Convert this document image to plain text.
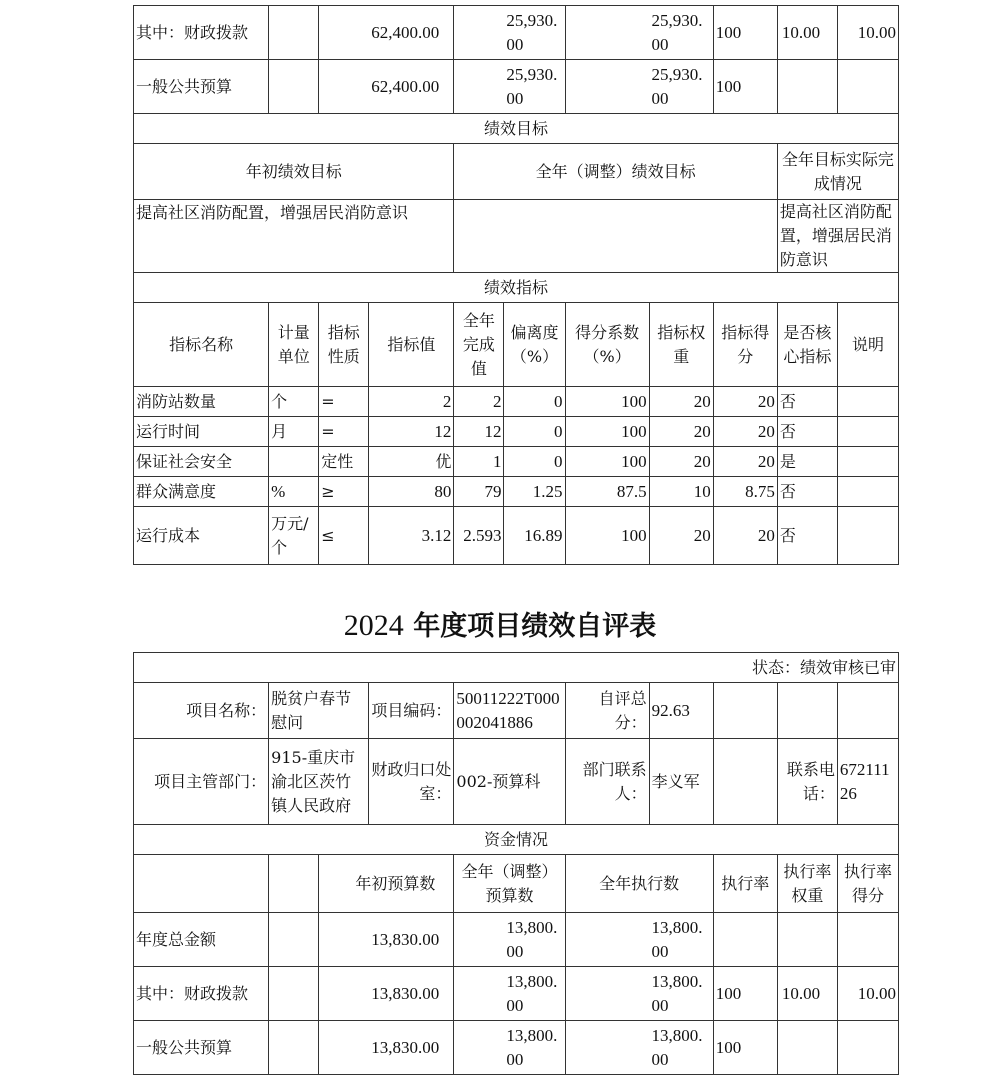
其中：财政拨款		62,400.00		25,930.00		25,930.00		100	10.00	10.00
一般公共预算		62,400.00		25,930.00		25,930.00		100		
绩效目标										
年初绩效目标				全年（调整）绩效目标					全年目标实际完成情况	
提高社区消防配置，增强居民消防意识									提高社区消防配置，增强居民消防意识	
绩效指标										
指标名称	计量单位	指标性质	指标值	全年完成值	偏离度（%）	得分系数（%）	指标权重	指标得分	是否核心指标	说明
消防站数量	个	=	2	2	0	100	20	20	否	
运行时间	月	=	12	12	0	100	20	20	否	
保证社会安全		定性	优	1	0	100	20	20	是	
群众满意度	%	≥	80	79	1.25	87.5	10	8.75	否	
运行成本	万元/个	≤	3.12	2.593	16.89	100	20	20	否	
2024 年度项目绩效自评表
状态：绩效审核已审									
项目名称：	脱贫户春节慰问		项目编码：	50011222T000002041886	自评总分：	92.63			
项目主管部门：	915-重庆市渝北区茨竹镇人民政府		财政归口处室：	002-预算科	部门联系人：	李义军		联系电话：	67211126
资金情况									
		年初预算数		全年（调整）预算数	全年执行数		执行率	执行率权重	执行率得分
年度总金额		13,830.00		13,800.00	13,800.00				
其中：财政拨款		13,830.00		13,800.00	13,800.00		100	10.00	10.00
一般公共预算		13,830.00		13,800.00	13,800.00		100		
